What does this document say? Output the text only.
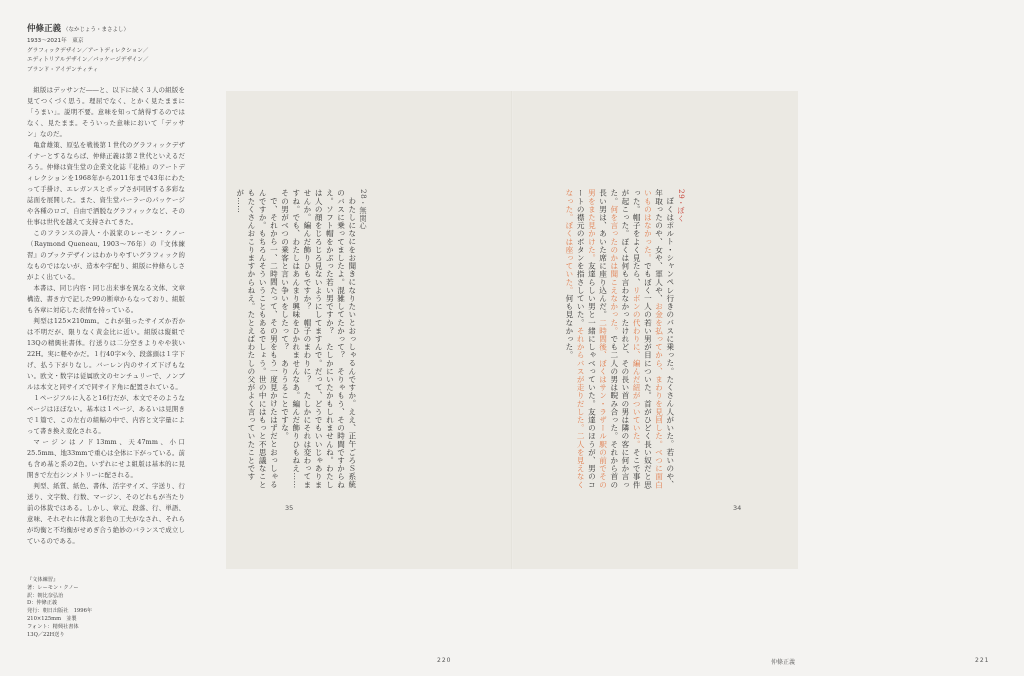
仲條正義 （なかじょう・まさよし）
1933～2021年　東京
グラフィックデザイン／アートディレクション／
エディトリアルデザイン／パッケージデザイン／
ブランド・アイデンティティ

組版はデッサンだ――と、以下に続く３人の組版を見てつくづく思う。理屈でなく、とかく見たままに「うまい」。説明不要。意味を知って納得するのではなく、見たまま。そういった意味において「デッサン」なのだ。

亀倉雄策、原弘を戦後第１世代のグラフィックデザイナーとするならば、仲條正義は第２世代といえるだろう。仲條は資生堂の企業文化誌『花椿』のアートディレクションを1968年から2011年まで43年にわたって手掛け、エレガンスとポップさが同居する多彩な誌面を展開した。また、資生堂パーラーのパッケージや各種のロゴ、自由で洒脱なグラフィックなど、その仕事は世代を越えて支持されてきた。

このフランスの詩人・小説家のレーモン・クノー（Raymond Queneau, 1903～76年）の『文体練習』のブックデザインはわかりやすいグラフィック的なものではないが、造本や字配り、組版に仲條らしさがよく出ている。

本書は、同じ内容・同じ出来事を異なる文体、文章構造、書き方で記した99の断章からなっており、組版も各章に対応した表情を持っている。

判型は125×210mm。これが狙ったサイズか否かは不明だが、限りなく黄金比に近い。組版は縦組で13Qの精興社書体。行送りは二分空きよりやや狭い22H。実に軽やかだ。１行40字×今、段落頭は１字下げ、払う下がりなし。バーレン内のサイズ下げもない。欧文・数字は従属欧文のセンチュリーで、ノンブルは本文と同サイズで同サイド角に配置されている。

１ページフルに入ると16行だが、本文でそのようなページはほぼない。基本は１ページ、あるいは見開きで１篇で、この左右の組幅の中で、内容と文字量によって書き換え変化される。

マージンはノド13mm、天47mm、小口25.5mm、地33mmで重心は全体に下がっている。前も含め基と系の2色。いずれにせよ組版は基本的に見開きで左右シンメトリーに配される。

判型、紙質、紙色、書体、活字サイズ、字送り、行送り、文字数、行数、マージン、そのどれもが当たり前の体裁ではある。しかし、章元、段落、行、単語、意味、それぞれに体裁と彩色の工夫がなされ、それらが均衡と不均衡がせめぎ合う絶妙のバランスで成立しているのである。

『文体練習』
著：レーモン・クノー
訳：朝比奈弘治
D：仲條正義
発行：朝日出版社　1996年
210×125mm　並製
フォント：精興社書体
13Q／22H送り
29・ぼく

ぼくはポルト・シャンペレ行きのバスに乗った。たくさん人がいた。若いのや、年取ったのや、女や、軍人や、お金を払ってから、まわりを見回した。べつに面白いものはなかった。でもぼく一人の若い男が目についた。首がひどく長い奴だと思った。帽子をよく見たら、リボンの代わりに、編んだ紐がついていた。そこで事件が起こった。ぼくは何も言わなかったけれど、その長い首の男は隣の客に何か言った。何を言ったのかは聞こえなかった。でも二人の男は睨み合った。それから首の長い男は、あいた席に座り込んだ。二時間後、ぼくはサン・ラザール駅の前でその男をまた見かけた。友達らしい男と一緒にしゃべっていた。友達のほうが、男のコートの襟元のボタンを指さしていた。それからバスが走りだした。二人を見えなくなった。ぼくは座っていた。何も見なかった。

28・無関心

わたしになにをお聞きになりたいとおっしゃるんですか。ええ、正午ごろＳ系統のバスに乗ってましたよ。混雑してたかって？　そりゃもう、その時間ですからねえ。ソフト帽をかぶった若い男ですか？　たしかにいたかもしれませんね。わたしは人の顔をじろじろ見ないようにしてますんで。だって、どうでもいいじゃありませんか。編んだ飾りひもですか？　帽子のまわりに？　たしかにそれは変わってますね。でも、わたしはあんまり興味をひかれませんなあ。編んだ飾りひもねえ……その男がべつの乗客と言い争いをしたって？　ありうることですな。

で、それから一、二時間たって、その男をもう一度見かけたはずだとおっしゃるんですか。もちろんそういうこともあるでしょう。世の中にはもっと不思議なこともたくさんおこりますからねえ。たとえばわたしの父がよく言っていたことですが……

35	34
220	仲條正義	221
